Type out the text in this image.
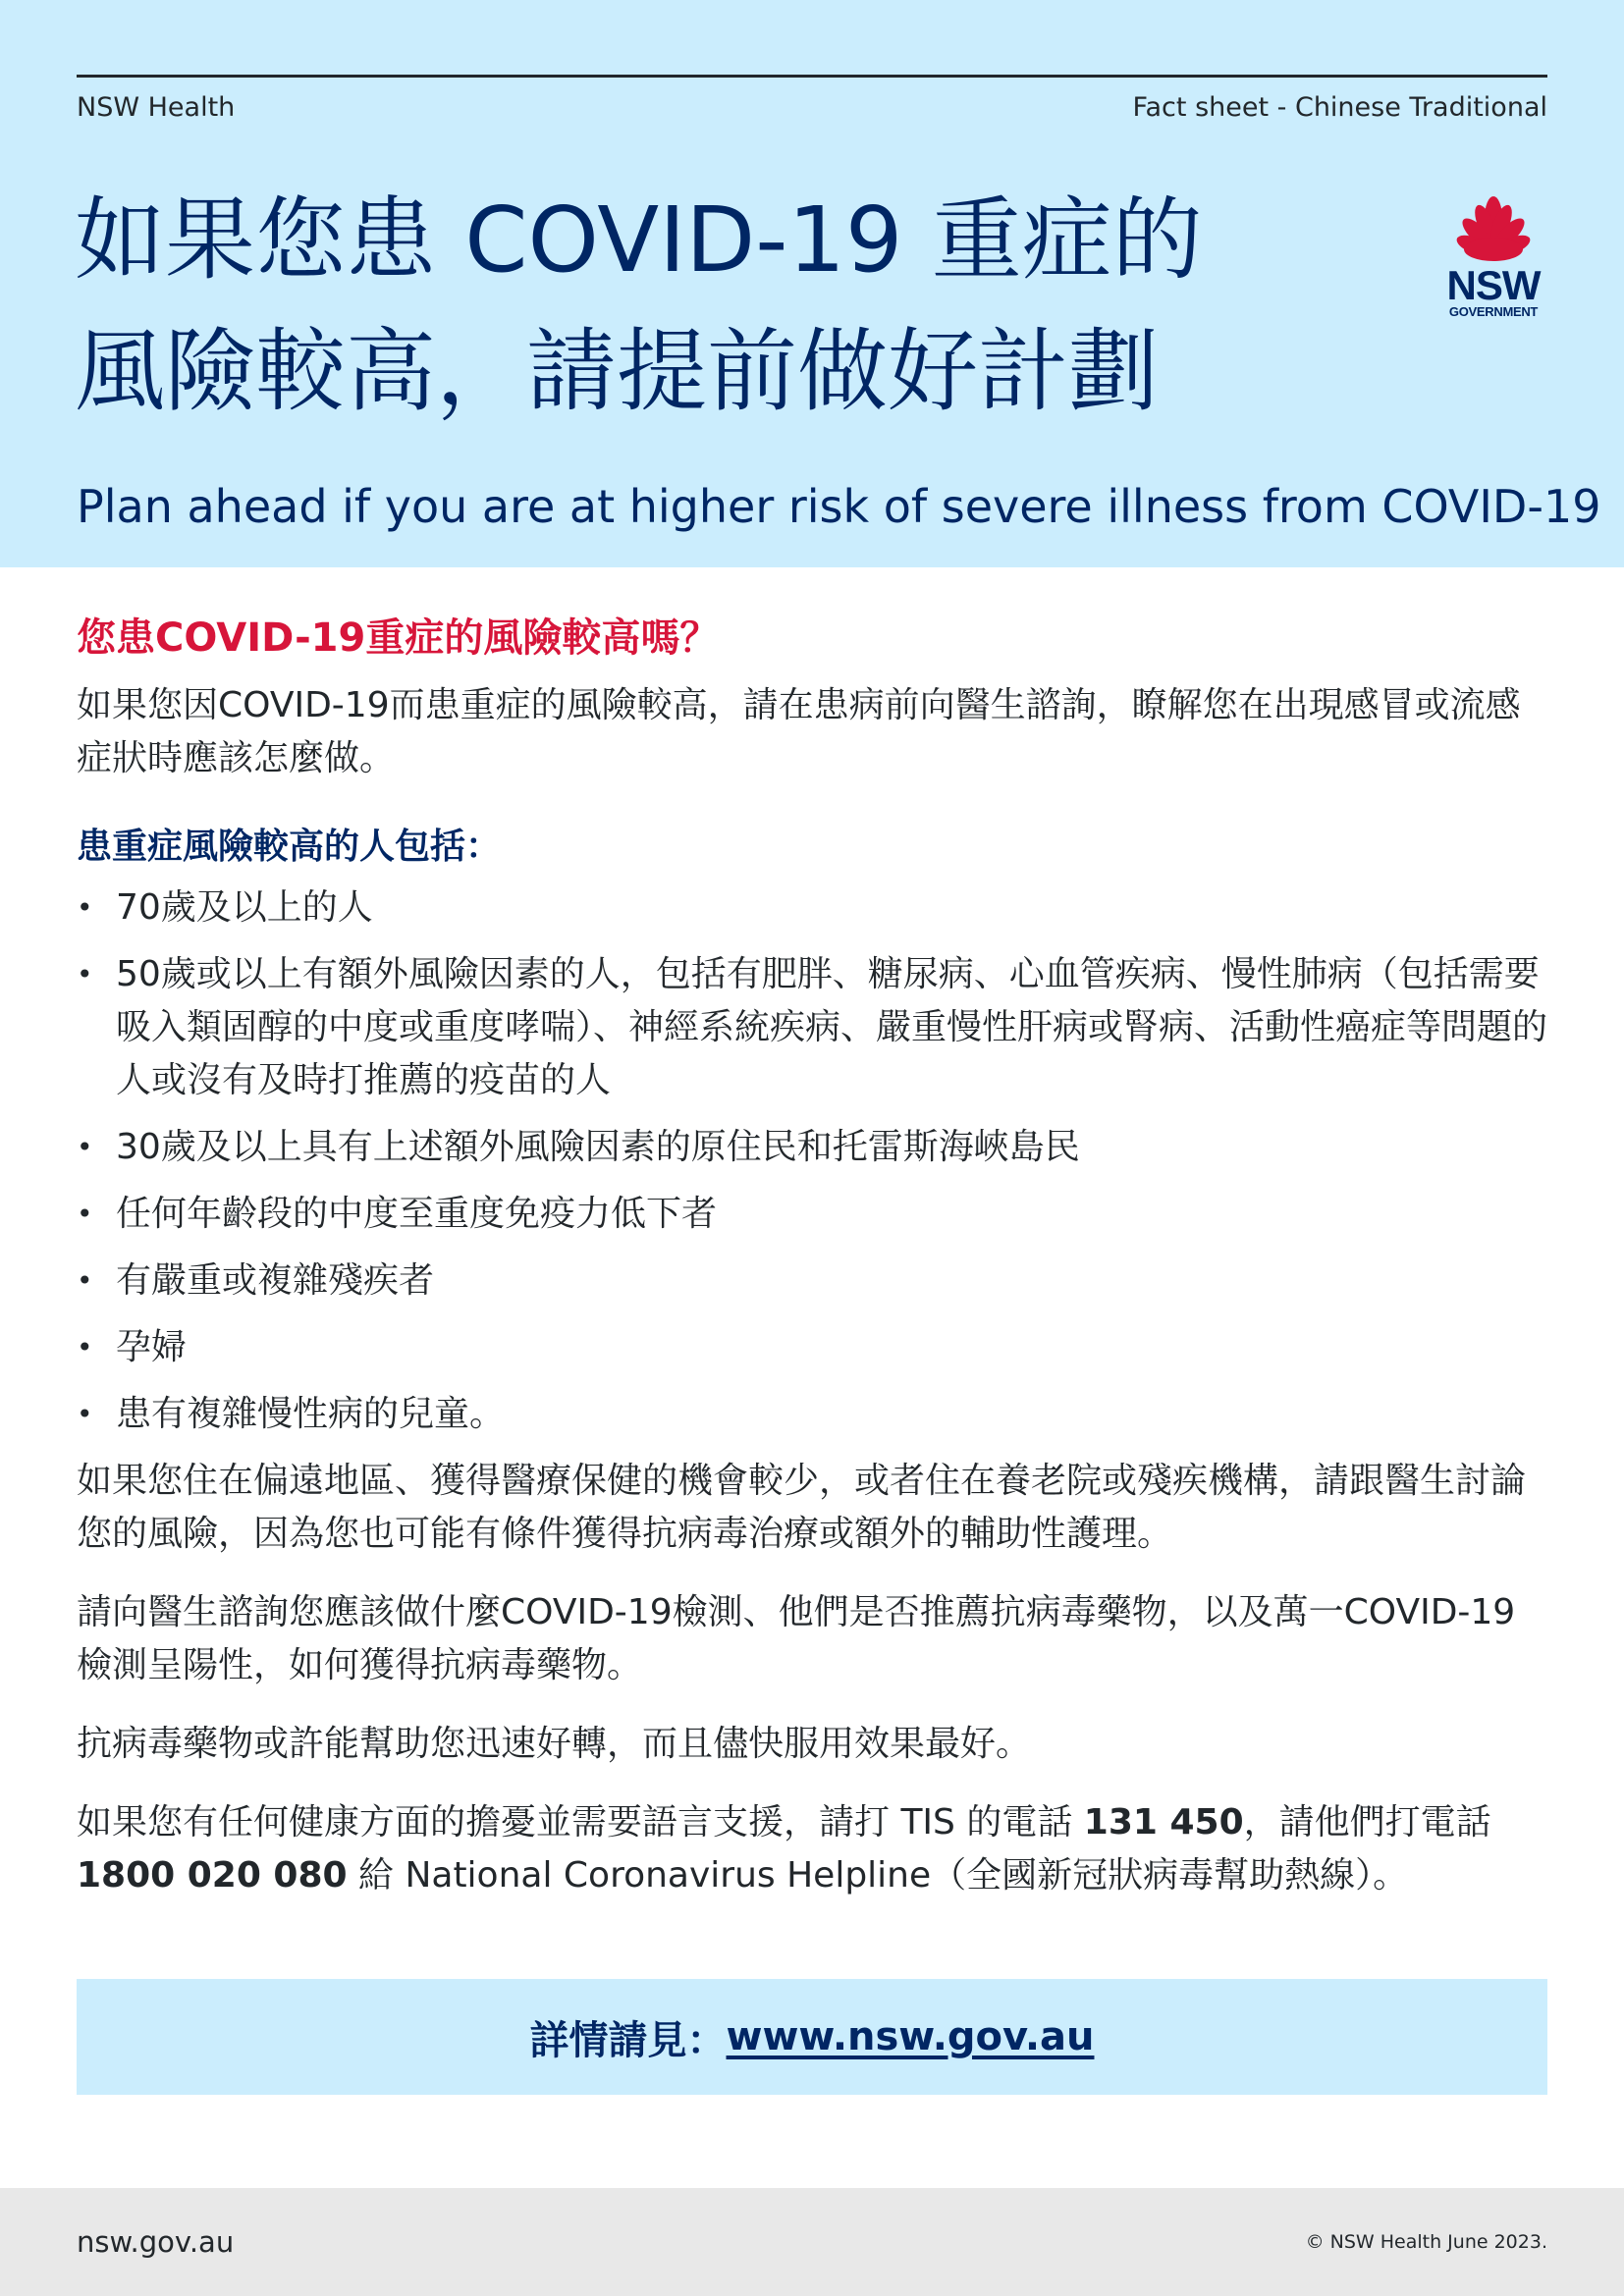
NSW Health	Fact sheet - Chinese Traditional
如果您患 COVID-19 重症的
風險較高，請提前做好計劃
NSW
GOVERNMENT
Plan ahead if you are at higher risk of severe illness from COVID-19
您患COVID-19重症的風險較高嗎？

如果您因COVID-19而患重症的風險較高，請在患病前向醫生諮詢，瞭解您在出現感冒或流感症狀時應該怎麼做。

患重症風險較高的人包括：
• 70歲及以上的人
• 50歲或以上有額外風險因素的人，包括有肥胖、糖尿病、心血管疾病、慢性肺病（包括需要吸入類固醇的中度或重度哮喘）、神經系統疾病、嚴重慢性肝病或腎病、活動性癌症等問題的人或沒有及時打推薦的疫苗的人
• 30歲及以上具有上述額外風險因素的原住民和托雷斯海峽島民
• 任何年齡段的中度至重度免疫力低下者
• 有嚴重或複雜殘疾者
• 孕婦
• 患有複雜慢性病的兒童。

如果您住在偏遠地區、獲得醫療保健的機會較少，或者住在養老院或殘疾機構，請跟醫生討論您的風險，因為您也可能有條件獲得抗病毒治療或額外的輔助性護理。

請向醫生諮詢您應該做什麼COVID-19檢測、他們是否推薦抗病毒藥物，以及萬一COVID-19檢測呈陽性，如何獲得抗病毒藥物。

抗病毒藥物或許能幫助您迅速好轉，而且儘快服用效果最好。

如果您有任何健康方面的擔憂並需要語言支援，請打 TIS 的電話 131 450，請他們打電話 1800 020 080 給 National Coronavirus Helpline（全國新冠狀病毒幫助熱線）。

詳情請見： www.nsw.gov.au
nsw.gov.au	© NSW Health June 2023.
